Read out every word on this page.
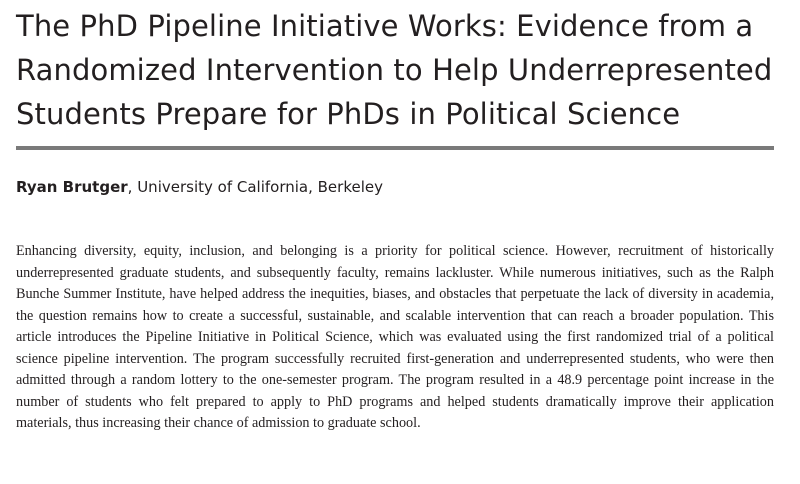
The PhD Pipeline Initiative Works: Evidence from a Randomized Intervention to Help Underrepresented Students Prepare for PhDs in Political Science
Ryan Brutger, University of California, Berkeley

Enhancing diversity, equity, inclusion, and belonging is a priority for political science. However, recruitment of historically underrepresented graduate students, and subsequently faculty, remains lackluster. While numerous initiatives, such as the Ralph Bunche Summer Institute, have helped address the inequities, biases, and obstacles that perpetuate the lack of diversity in academia, the question remains how to create a successful, sustainable, and scalable intervention that can reach a broader population. This article introduces the Pipeline Initiative in Political Science, which was evaluated using the first randomized trial of a political science pipeline intervention. The program successfully recruited first-generation and underrepresented students, who were then admitted through a random lottery to the one-semester program. The program resulted in a 48.9 percentage point increase in the number of students who felt prepared to apply to PhD programs and helped students dramatically improve their application materials, thus increasing their chance of admission to graduate school.
